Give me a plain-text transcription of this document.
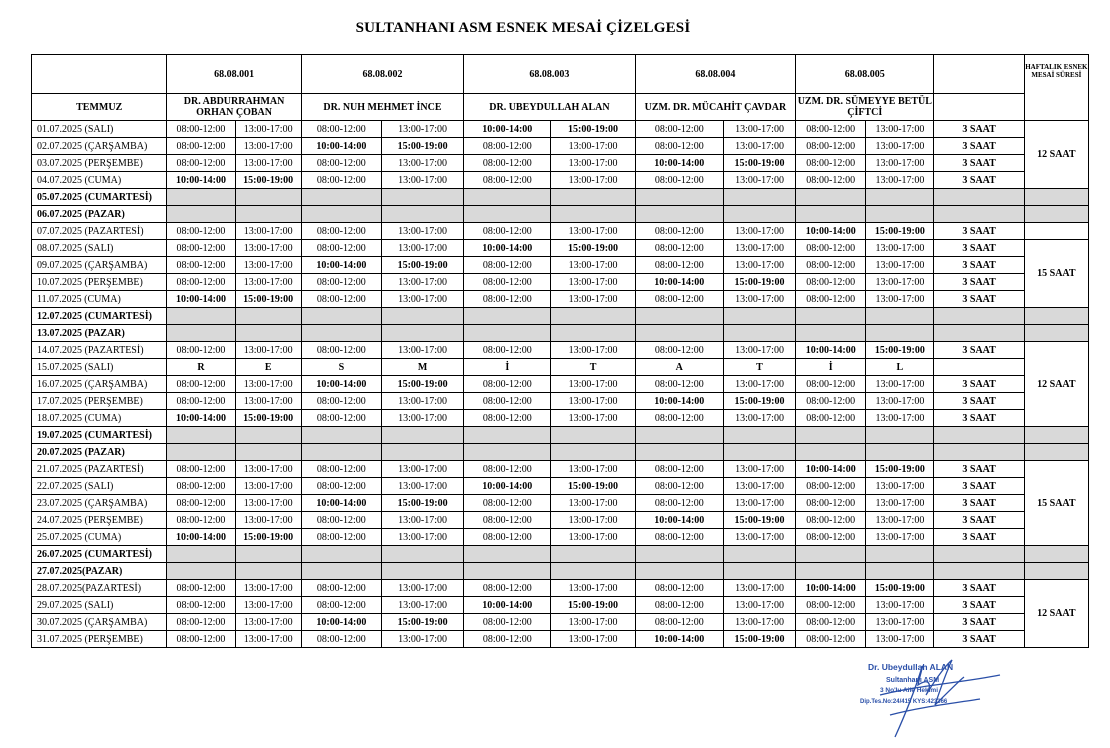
SULTANHANI ASM ESNEK MESAİ ÇİZELGESİ
	68.08.001		68.08.002		68.08.003		68.08.004		68.08.005			HAFTALIK ESNEK MESAİ SÜRESİ
TEMMUZ	DR. ABDURRAHMAN ORHAN ÇOBAN		DR. NUH MEHMET İNCE		DR. UBEYDULLAH ALAN		UZM. DR. MÜCAHİT ÇAVDAR		UZM. DR. SÜMEYYE BETÜL ÇİFTCİ			
01.07.2025 (SALI)	08:00-12:00	13:00-17:00	08:00-12:00	13:00-17:00	10:00-14:00	15:00-19:00	08:00-12:00	13:00-17:00	08:00-12:00	13:00-17:00	3 SAAT	12 SAAT
02.07.2025 (ÇARŞAMBA)	08:00-12:00	13:00-17:00	10:00-14:00	15:00-19:00	08:00-12:00	13:00-17:00	08:00-12:00	13:00-17:00	08:00-12:00	13:00-17:00	3 SAAT	
03.07.2025 (PERŞEMBE)	08:00-12:00	13:00-17:00	08:00-12:00	13:00-17:00	08:00-12:00	13:00-17:00	10:00-14:00	15:00-19:00	08:00-12:00	13:00-17:00	3 SAAT	
04.07.2025 (CUMA)	10:00-14:00	15:00-19:00	08:00-12:00	13:00-17:00	08:00-12:00	13:00-17:00	08:00-12:00	13:00-17:00	08:00-12:00	13:00-17:00	3 SAAT	
05.07.2025 (CUMARTESİ)												
06.07.2025 (PAZAR)												
07.07.2025 (PAZARTESİ)	08:00-12:00	13:00-17:00	08:00-12:00	13:00-17:00	08:00-12:00	13:00-17:00	08:00-12:00	13:00-17:00	10:00-14:00	15:00-19:00	3 SAAT	
08.07.2025 (SALI)	08:00-12:00	13:00-17:00	08:00-12:00	13:00-17:00	10:00-14:00	15:00-19:00	08:00-12:00	13:00-17:00	08:00-12:00	13:00-17:00	3 SAAT	15 SAAT
09.07.2025 (ÇARŞAMBA)	08:00-12:00	13:00-17:00	10:00-14:00	15:00-19:00	08:00-12:00	13:00-17:00	08:00-12:00	13:00-17:00	08:00-12:00	13:00-17:00	3 SAAT	
10.07.2025 (PERŞEMBE)	08:00-12:00	13:00-17:00	08:00-12:00	13:00-17:00	08:00-12:00	13:00-17:00	10:00-14:00	15:00-19:00	08:00-12:00	13:00-17:00	3 SAAT	
11.07.2025 (CUMA)	10:00-14:00	15:00-19:00	08:00-12:00	13:00-17:00	08:00-12:00	13:00-17:00	08:00-12:00	13:00-17:00	08:00-12:00	13:00-17:00	3 SAAT	
12.07.2025 (CUMARTESİ)												
13.07.2025 (PAZAR)												
14.07.2025 (PAZARTESİ)	08:00-12:00	13:00-17:00	08:00-12:00	13:00-17:00	08:00-12:00	13:00-17:00	08:00-12:00	13:00-17:00	10:00-14:00	15:00-19:00	3 SAAT	12 SAAT
15.07.2025 (SALI)	R	E	S	M	İ	T	A	T	İ	L		
16.07.2025 (ÇARŞAMBA)	08:00-12:00	13:00-17:00	10:00-14:00	15:00-19:00	08:00-12:00	13:00-17:00	08:00-12:00	13:00-17:00	08:00-12:00	13:00-17:00	3 SAAT	
17.07.2025 (PERŞEMBE)	08:00-12:00	13:00-17:00	08:00-12:00	13:00-17:00	08:00-12:00	13:00-17:00	10:00-14:00	15:00-19:00	08:00-12:00	13:00-17:00	3 SAAT	
18.07.2025 (CUMA)	10:00-14:00	15:00-19:00	08:00-12:00	13:00-17:00	08:00-12:00	13:00-17:00	08:00-12:00	13:00-17:00	08:00-12:00	13:00-17:00	3 SAAT	
19.07.2025 (CUMARTESİ)												
20.07.2025 (PAZAR)												
21.07.2025 (PAZARTESİ)	08:00-12:00	13:00-17:00	08:00-12:00	13:00-17:00	08:00-12:00	13:00-17:00	08:00-12:00	13:00-17:00	10:00-14:00	15:00-19:00	3 SAAT	15 SAAT
22.07.2025 (SALI)	08:00-12:00	13:00-17:00	08:00-12:00	13:00-17:00	10:00-14:00	15:00-19:00	08:00-12:00	13:00-17:00	08:00-12:00	13:00-17:00	3 SAAT	
23.07.2025 (ÇARŞAMBA)	08:00-12:00	13:00-17:00	10:00-14:00	15:00-19:00	08:00-12:00	13:00-17:00	08:00-12:00	13:00-17:00	08:00-12:00	13:00-17:00	3 SAAT	
24.07.2025 (PERŞEMBE)	08:00-12:00	13:00-17:00	08:00-12:00	13:00-17:00	08:00-12:00	13:00-17:00	10:00-14:00	15:00-19:00	08:00-12:00	13:00-17:00	3 SAAT	
25.07.2025 (CUMA)	10:00-14:00	15:00-19:00	08:00-12:00	13:00-17:00	08:00-12:00	13:00-17:00	08:00-12:00	13:00-17:00	08:00-12:00	13:00-17:00	3 SAAT	
26.07.2025 (CUMARTESİ)												
27.07.2025(PAZAR)												
28.07.2025(PAZARTESİ)	08:00-12:00	13:00-17:00	08:00-12:00	13:00-17:00	08:00-12:00	13:00-17:00	08:00-12:00	13:00-17:00	10:00-14:00	15:00-19:00	3 SAAT	12 SAAT
29.07.2025 (SALI)	08:00-12:00	13:00-17:00	08:00-12:00	13:00-17:00	10:00-14:00	15:00-19:00	08:00-12:00	13:00-17:00	08:00-12:00	13:00-17:00	3 SAAT	
30.07.2025 (ÇARŞAMBA)	08:00-12:00	13:00-17:00	10:00-14:00	15:00-19:00	08:00-12:00	13:00-17:00	08:00-12:00	13:00-17:00	08:00-12:00	13:00-17:00	3 SAAT	
31.07.2025 (PERŞEMBE)	08:00-12:00	13:00-17:00	08:00-12:00	13:00-17:00	08:00-12:00	13:00-17:00	10:00-14:00	15:00-19:00	08:00-12:00	13:00-17:00	3 SAAT	
Dr. Ubeydullah ALAN
Sultanhanı ASM
3 No'lu Aile Hekimi
Dip.Tes.No:24/415 KYS:423366
